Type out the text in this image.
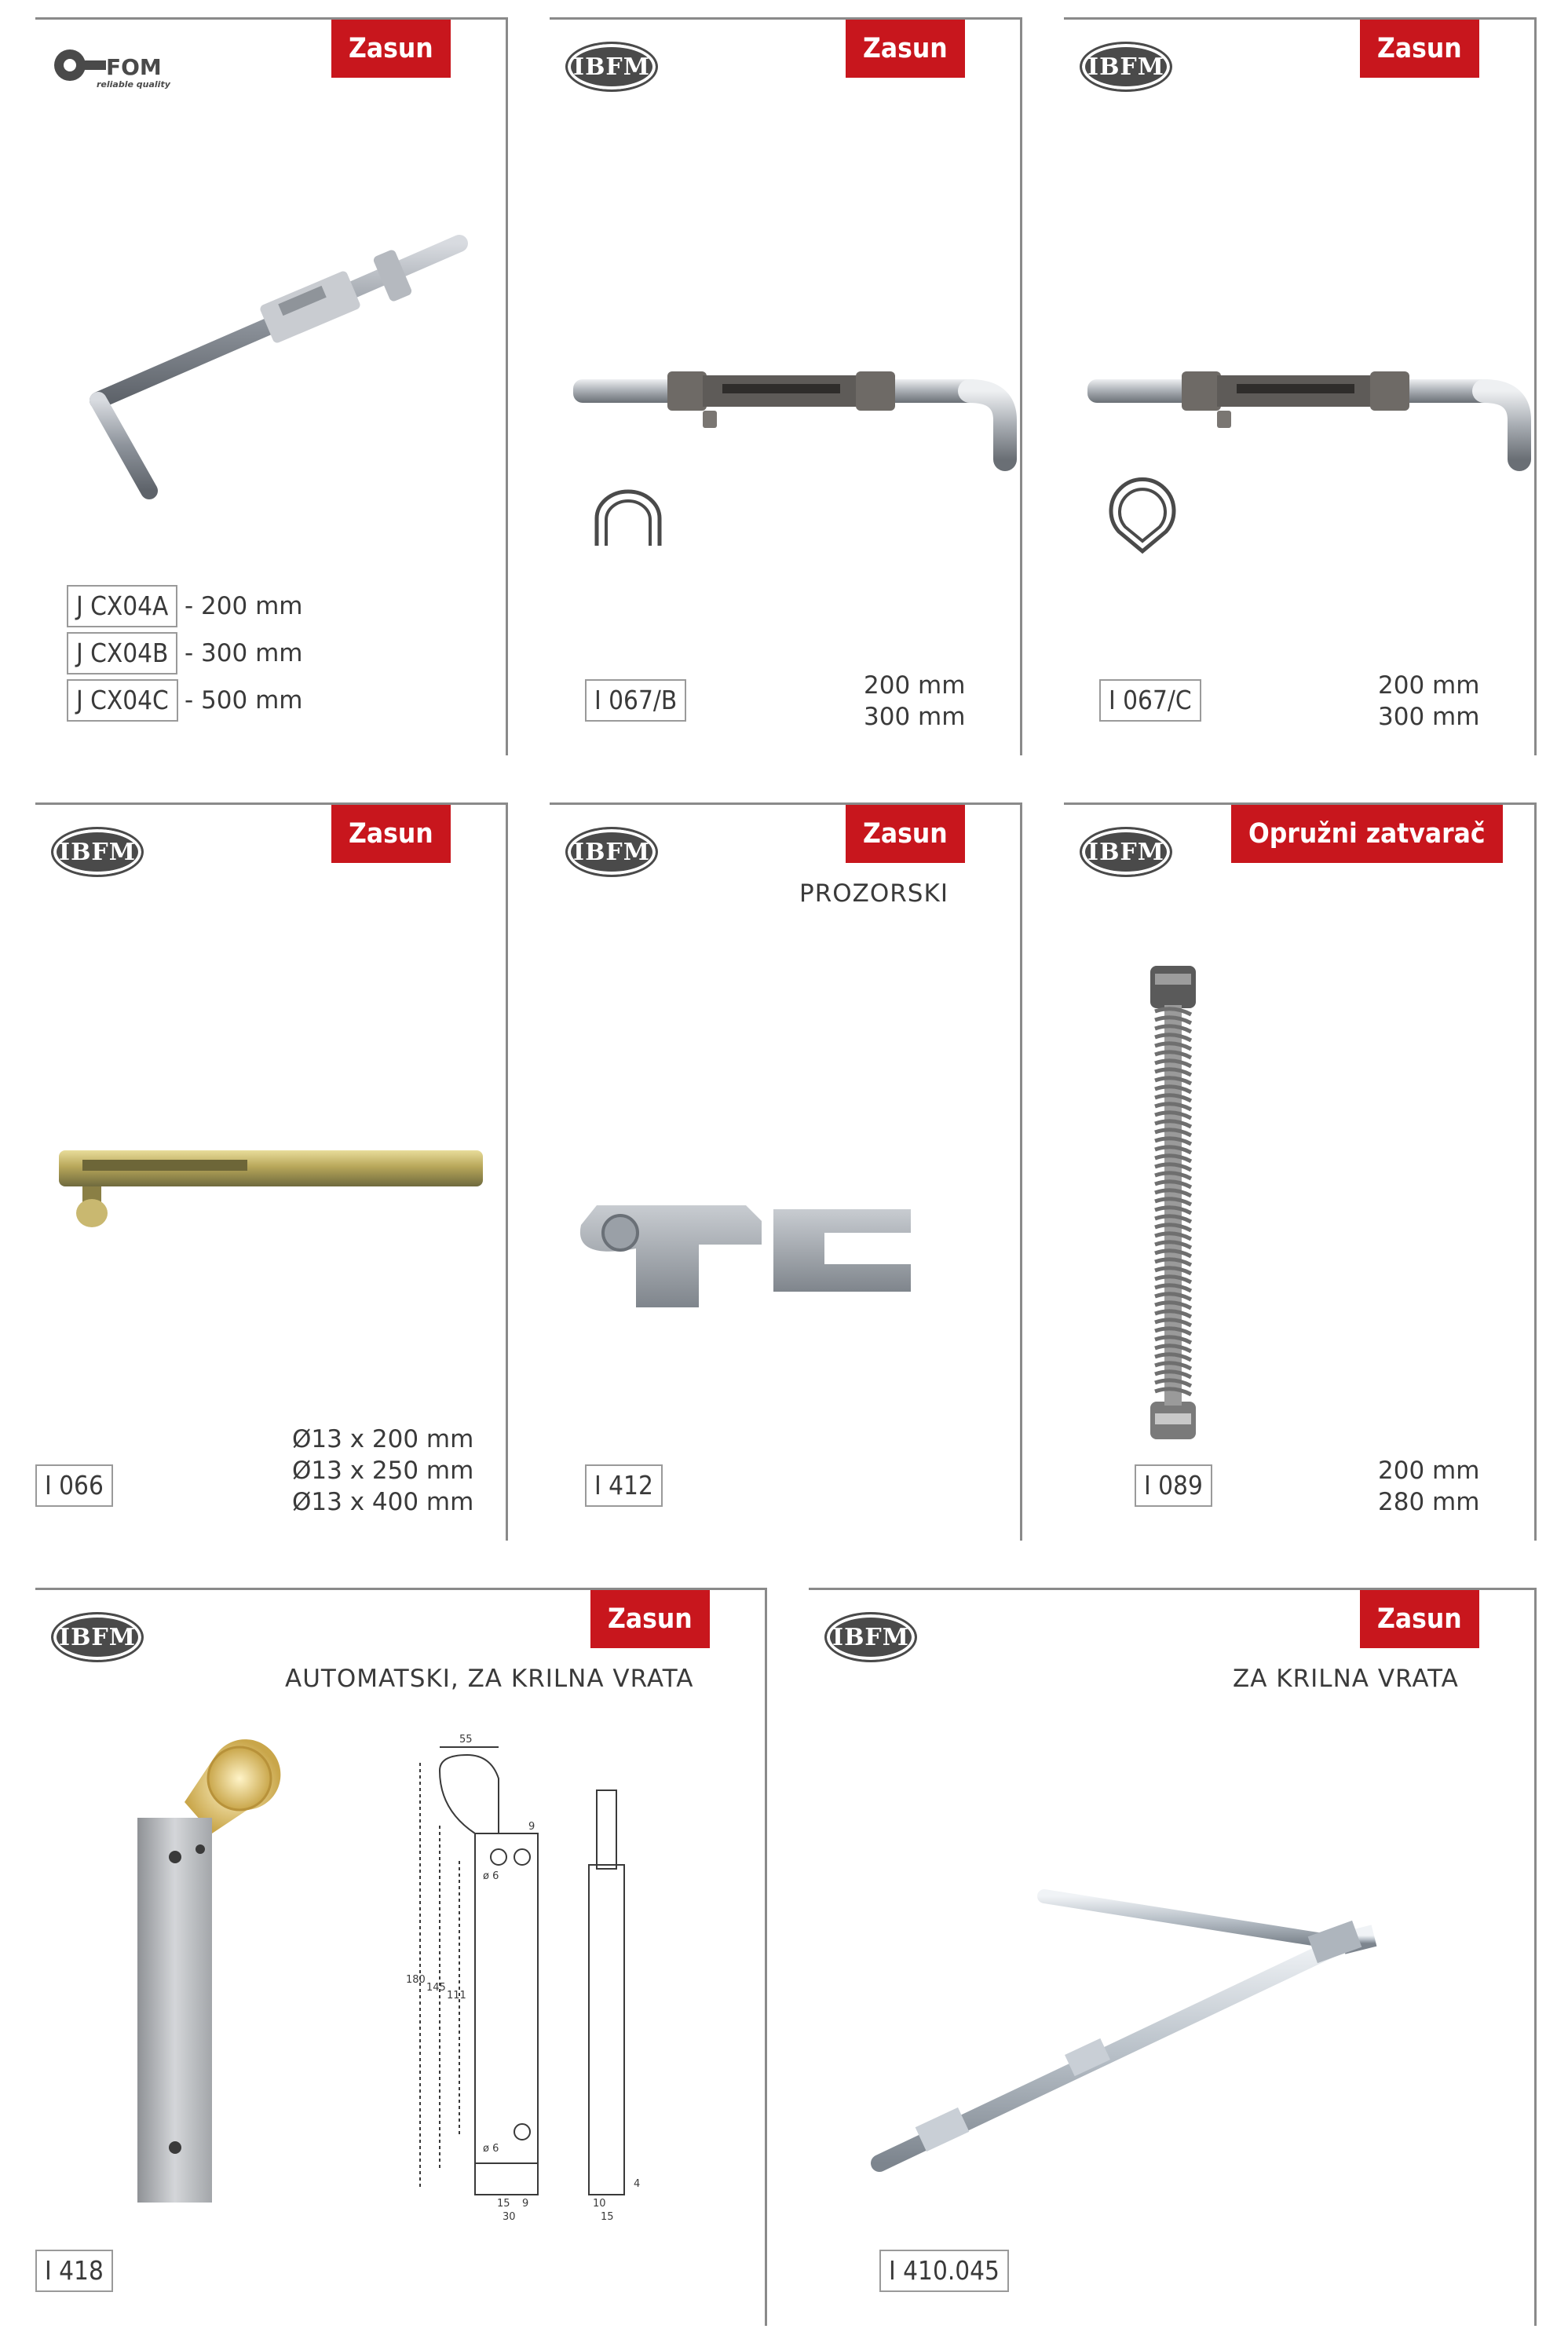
FOM
reliable quality
Zasun
J CX04A - 200 mm
J CX04B - 300 mm
J CX04C - 500 mm
IBFM
Zasun
I 067/B	200 mm
300 mm
IBFM
Zasun
I 067/C	200 mm
300 mm
IBFM
Zasun
I 066
Ø13 x 200 mm
Ø13 x 250 mm
Ø13 x 400 mm
IBFM
Zasun
PROZORSKI
I 412
IBFM
Opružni zatvarač
I 089	200 mm
280 mm
IBFM
Zasun
AUTOMATSKI, ZA KRILNA VRATA
55
9
ø 6
180
145
111
ø 6
15 9
30
10
15
4
I 418
IBFM
Zasun
ZA KRILNA VRATA
I 410.045
